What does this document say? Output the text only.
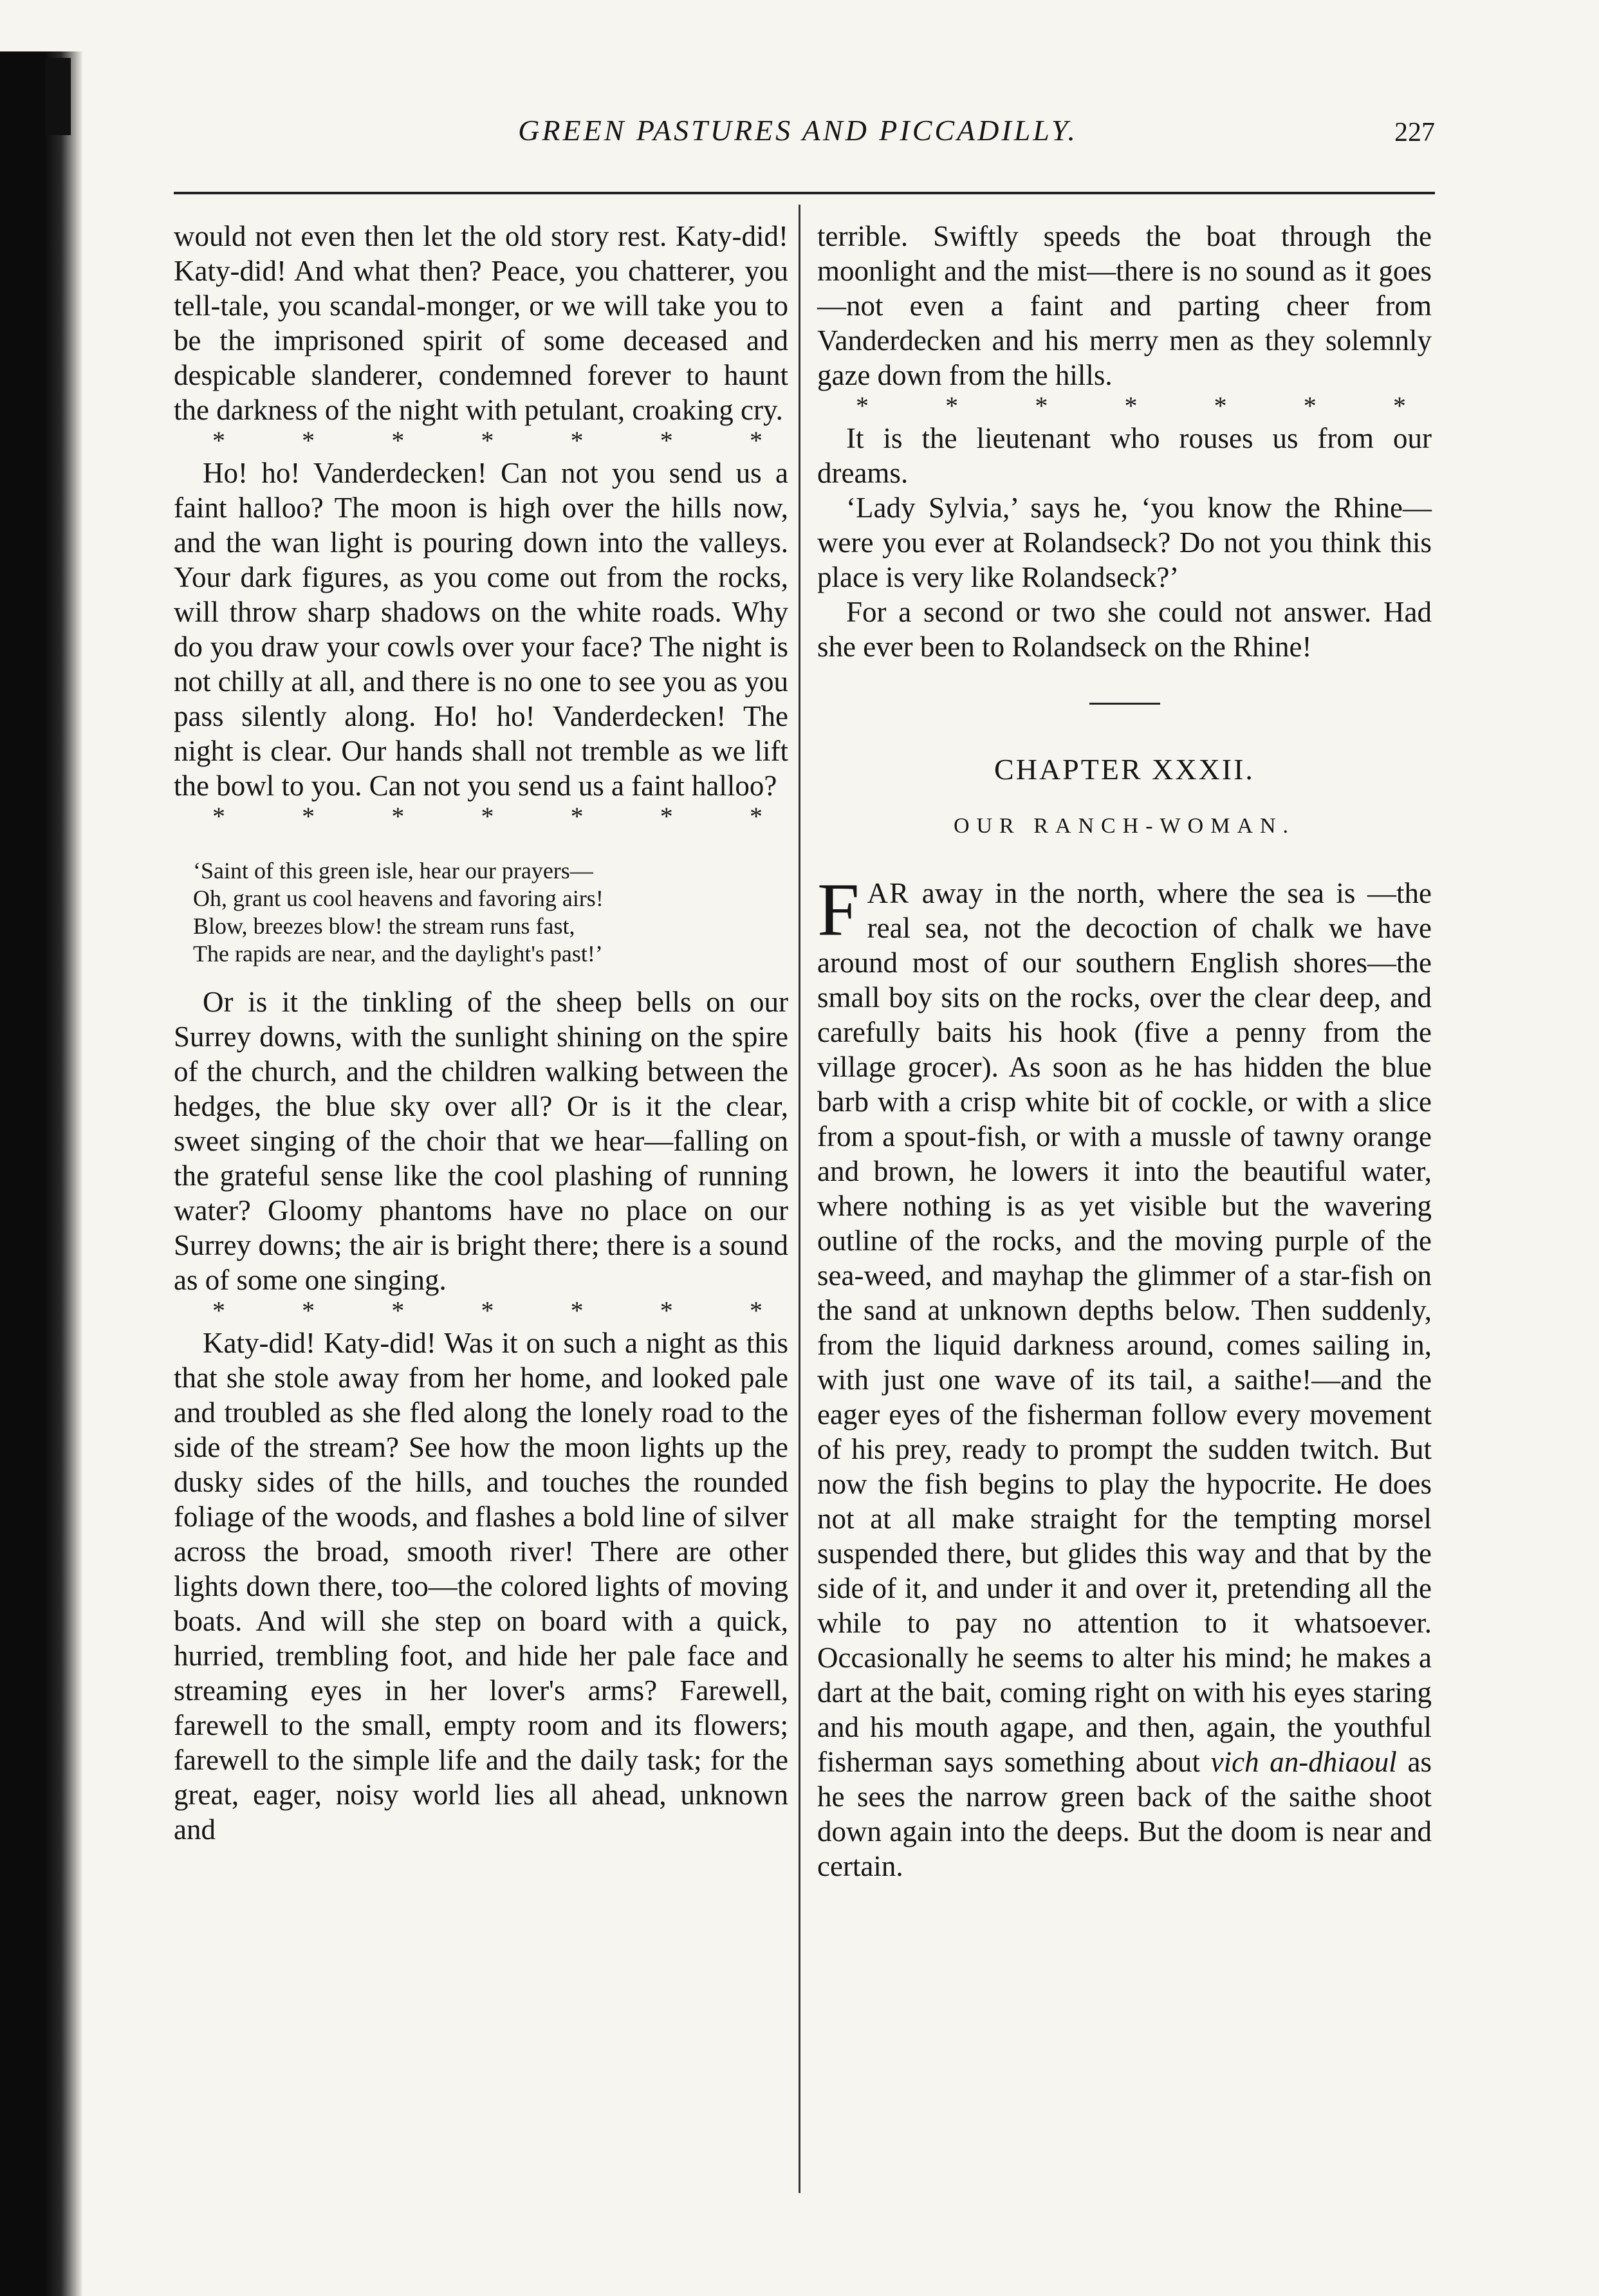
GREEN PASTURES AND PICCADILLY.	227

would not even then let the old story rest. Katy-did! Katy-did! And what then? Peace, you chatterer, you tell-tale, you scandal-monger, or we will take you to be the imprisoned spirit of some deceased and despicable slanderer, condemned forever to haunt the darkness of the night with petulant, croaking cry.

*	*	*	*	*	*	*

Ho! ho! Vanderdecken! Can not you send us a faint halloo? The moon is high over the hills now, and the wan light is pouring down into the valleys. Your dark figures, as you come out from the rocks, will throw sharp shadows on the white roads. Why do you draw your cowls over your face? The night is not chilly at all, and there is no one to see you as you pass silently along. Ho! ho! Vanderdecken! The night is clear. Our hands shall not tremble as we lift the bowl to you. Can not you send us a faint halloo?

*	*	*	*	*	*	*
‘Saint of this green isle, hear our prayers—
Oh, grant us cool heavens and favoring airs!
Blow, breezes blow! the stream runs fast,
The rapids are near, and the daylight's past!’

Or is it the tinkling of the sheep bells on our Surrey downs, with the sunlight shining on the spire of the church, and the children walking between the hedges, the blue sky over all? Or is it the clear, sweet singing of the choir that we hear—falling on the grateful sense like the cool plashing of running water? Gloomy phantoms have no place on our Surrey downs; the air is bright there; there is a sound as of some one singing.

*	*	*	*	*	*	*

Katy-did! Katy-did! Was it on such a night as this that she stole away from her home, and looked pale and troubled as she fled along the lonely road to the side of the stream? See how the moon lights up the dusky sides of the hills, and touches the rounded foliage of the woods, and flashes a bold line of silver across the broad, smooth river! There are other lights down there, too—the colored lights of moving boats. And will she step on board with a quick, hurried, trembling foot, and hide her pale face and streaming eyes in her lover's arms? Farewell, farewell to the small, empty room and its flowers; farewell to the simple life and the daily task; for the great, eager, noisy world lies all ahead, unknown and

terrible. Swiftly speeds the boat through the moonlight and the mist—there is no sound as it goes—not even a faint and parting cheer from Vanderdecken and his merry men as they solemnly gaze down from the hills.

*	*	*	*	*	*	*

It is the lieutenant who rouses us from our dreams.

‘Lady Sylvia,’ says he, ‘you know the Rhine—were you ever at Rolandseck? Do not you think this place is very like Rolandseck?’

For a second or two she could not answer. Had she ever been to Rolandseck on the Rhine!

CHAPTER XXXII.
OUR RANCH-WOMAN.

FAR away in the north, where the sea is —the real sea, not the decoction of chalk we have around most of our southern English shores—the small boy sits on the rocks, over the clear deep, and carefully baits his hook (five a penny from the village grocer). As soon as he has hidden the blue barb with a crisp white bit of cockle, or with a slice from a spout-fish, or with a mussle of tawny orange and brown, he lowers it into the beautiful water, where nothing is as yet visible but the wavering outline of the rocks, and the moving purple of the sea-weed, and mayhap the glimmer of a star-fish on the sand at unknown depths below. Then suddenly, from the liquid darkness around, comes sailing in, with just one wave of its tail, a saithe!—and the eager eyes of the fisherman follow every movement of his prey, ready to prompt the sudden twitch. But now the fish begins to play the hypocrite. He does not at all make straight for the tempting morsel suspended there, but glides this way and that by the side of it, and under it and over it, pretending all the while to pay no attention to it whatsoever. Occasionally he seems to alter his mind; he makes a dart at the bait, coming right on with his eyes staring and his mouth agape, and then, again, the youthful fisherman says something about vich an-dhiaoul as he sees the narrow green back of the saithe shoot down again into the deeps. But the doom is near and certain.
